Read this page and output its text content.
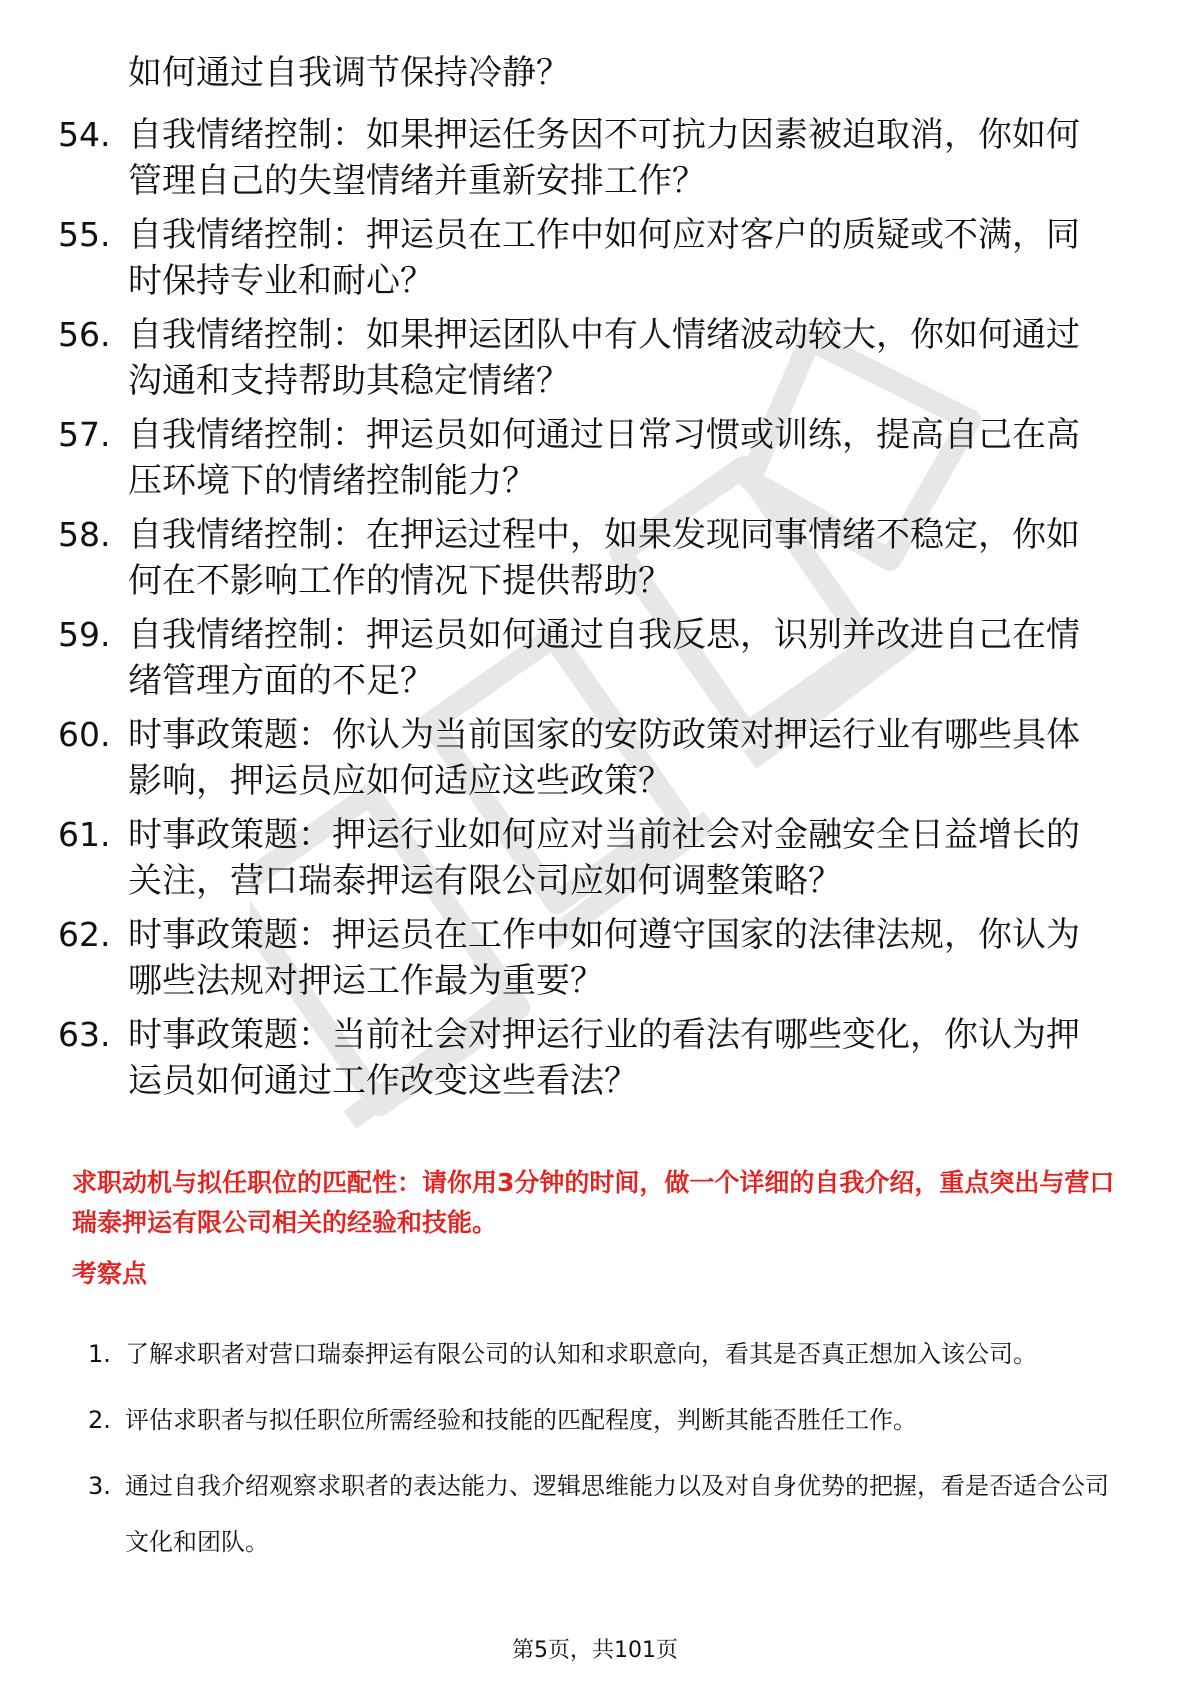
如何通过自我调节保持冷静？
54. 自我情绪控制：如果押运任务因不可抗力因素被迫取消，你如何管理自己的失望情绪并重新安排工作？
55. 自我情绪控制：押运员在工作中如何应对客户的质疑或不满，同时保持专业和耐心？
56. 自我情绪控制：如果押运团队中有人情绪波动较大，你如何通过沟通和支持帮助其稳定情绪？
57. 自我情绪控制：押运员如何通过日常习惯或训练，提高自己在高压环境下的情绪控制能力？
58. 自我情绪控制：在押运过程中，如果发现同事情绪不稳定，你如何在不影响工作的情况下提供帮助？
59. 自我情绪控制：押运员如何通过自我反思，识别并改进自己在情绪管理方面的不足？
60. 时事政策题：你认为当前国家的安防政策对押运行业有哪些具体影响，押运员应如何适应这些政策？
61. 时事政策题：押运行业如何应对当前社会对金融安全日益增长的关注，营口瑞泰押运有限公司应如何调整策略？
62. 时事政策题：押运员在工作中如何遵守国家的法律法规，你认为哪些法规对押运工作最为重要？
63. 时事政策题：当前社会对押运行业的看法有哪些变化，你认为押运员如何通过工作改变这些看法？
求职动机与拟任职位的匹配性：请你用3分钟的时间，做一个详细的自我介绍，重点突出与营口瑞泰押运有限公司相关的经验和技能。
考察点
1. 了解求职者对营口瑞泰押运有限公司的认知和求职意向，看其是否真正想加入该公司。
2. 评估求职者与拟任职位所需经验和技能的匹配程度，判断其能否胜任工作。
3. 通过自我介绍观察求职者的表达能力、逻辑思维能力以及对自身优势的把握，看是否适合公司文化和团队。
第5页，共101页
